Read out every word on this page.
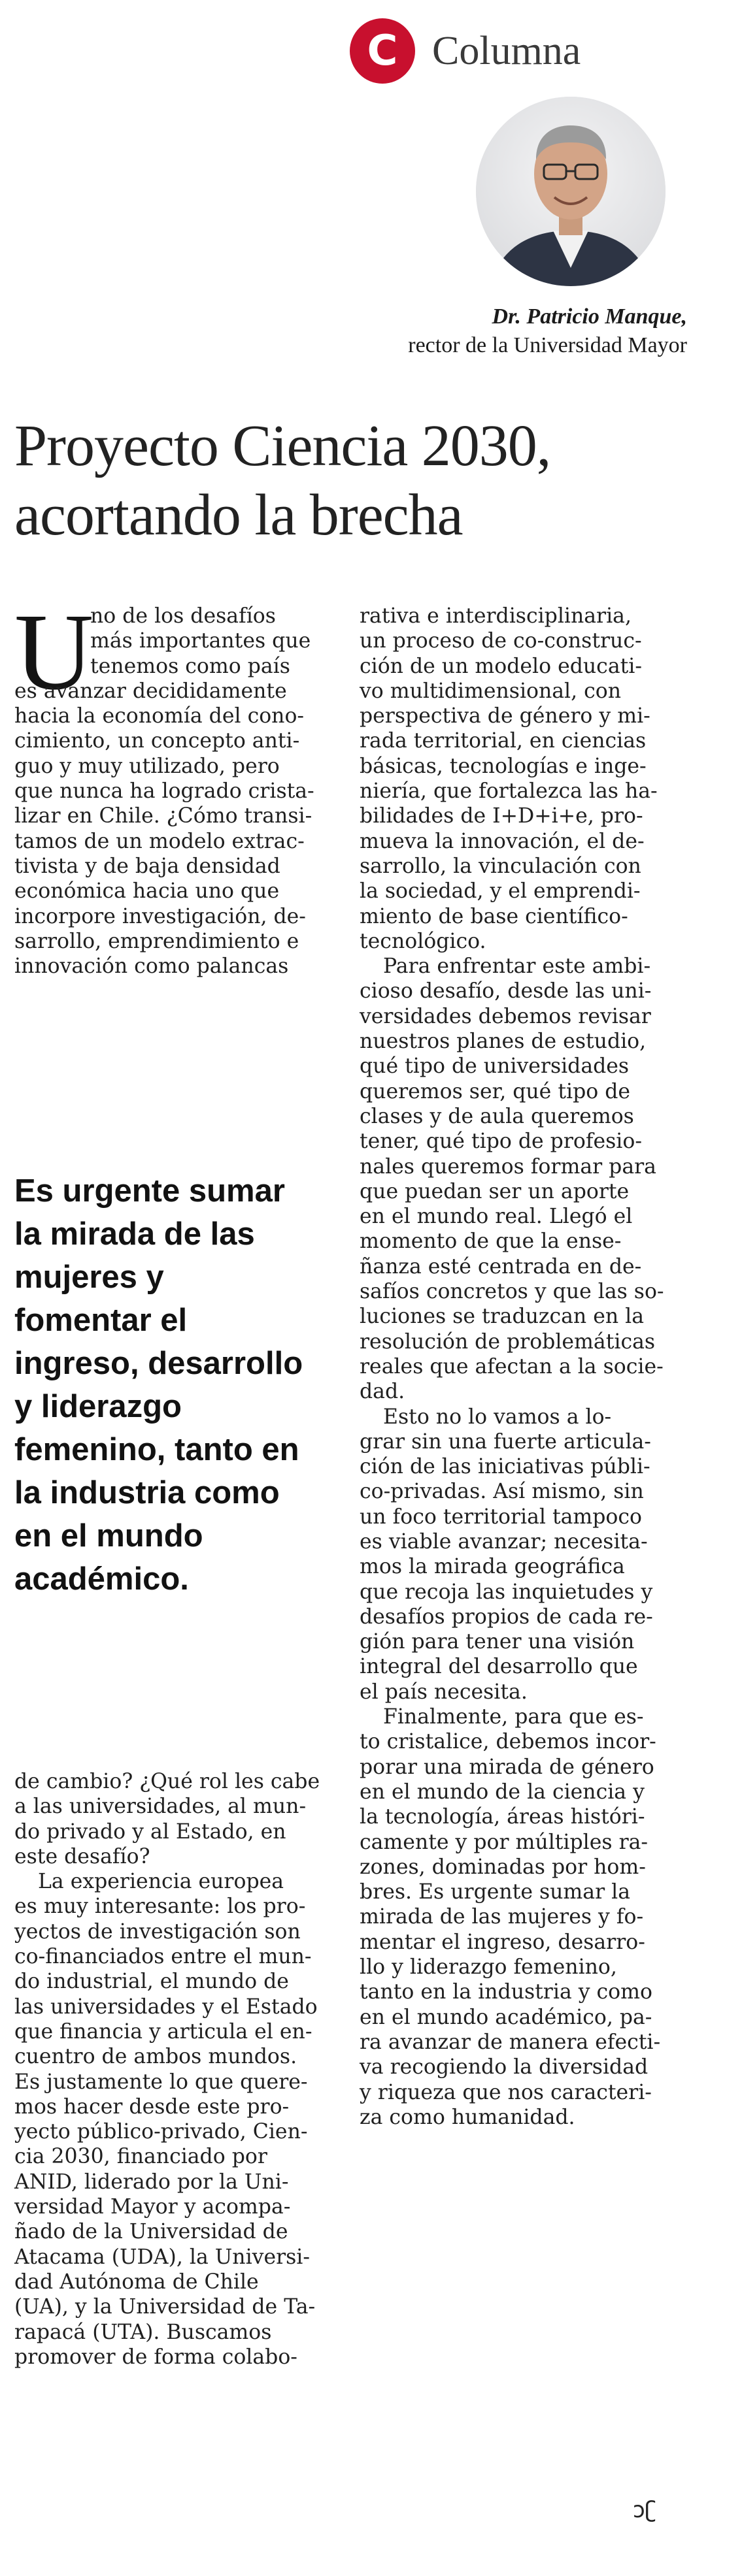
C Columna
Dr. Patricio Manque,
rector de la Universidad Mayor
Proyecto Ciencia 2030,
acortando la brecha
U
no de los desafíos
más importantes que
tenemos como país
es avanzar decididamente
hacia la economía del cono-
cimiento, un concepto anti-
guo y muy utilizado, pero
que nunca ha logrado crista-
lizar en Chile. ¿Cómo transi-
tamos de un modelo extrac-
tivista y de baja densidad
económica hacia uno que
incorpore investigación, de-
sarrollo, emprendimiento e
innovación como palancas
Es urgente sumar
la mirada de las
mujeres y
fomentar el
ingreso, desarrollo
y liderazgo
femenino, tanto en
la industria como
en el mundo
académico.
de cambio? ¿Qué rol les cabe
a las universidades, al mun-
do privado y al Estado, en
este desafío?
La experiencia europea
es muy interesante: los pro-
yectos de investigación son
co-financiados entre el mun-
do industrial, el mundo de
las universidades y el Estado
que financia y articula el en-
cuentro de ambos mundos.
Es justamente lo que quere-
mos hacer desde este pro-
yecto público-privado, Cien-
cia 2030, financiado por
ANID, liderado por la Uni-
versidad Mayor y acompa-
ñado de la Universidad de
Atacama (UDA), la Universi-
dad Autónoma de Chile
(UA), y la Universidad de Ta-
rapacá (UTA). Buscamos
promover de forma colabo-
rativa e interdisciplinaria,
un proceso de co-construc-
ción de un modelo educati-
vo multidimensional, con
perspectiva de género y mi-
rada territorial, en ciencias
básicas, tecnologías e inge-
niería, que fortalezca las ha-
bilidades de I+D+i+e, pro-
mueva la innovación, el de-
sarrollo, la vinculación con
la sociedad, y el emprendi-
miento de base científico-
tecnológico.
Para enfrentar este ambi-
cioso desafío, desde las uni-
versidades debemos revisar
nuestros planes de estudio,
qué tipo de universidades
queremos ser, qué tipo de
clases y de aula queremos
tener, qué tipo de profesio-
nales queremos formar para
que puedan ser un aporte
en el mundo real. Llegó el
momento de que la ense-
ñanza esté centrada en de-
safíos concretos y que las so-
luciones se traduzcan en la
resolución de problemáticas
reales que afectan a la socie-
dad.
Esto no lo vamos a lo-
grar sin una fuerte articula-
ción de las iniciativas públi-
co-privadas. Así mismo, sin
un foco territorial tampoco
es viable avanzar; necesita-
mos la mirada geográfica
que recoja las inquietudes y
desafíos propios de cada re-
gión para tener una visión
integral del desarrollo que
el país necesita.
Finalmente, para que es-
to cristalice, debemos incor-
porar una mirada de género
en el mundo de la ciencia y
la tecnología, áreas históri-
camente y por múltiples ra-
zones, dominadas por hom-
bres. Es urgente sumar la
mirada de las mujeres y fo-
mentar el ingreso, desarro-
llo y liderazgo femenino,
tanto en la industria y como
en el mundo académico, pa-
ra avanzar de manera efecti-
va recogiendo la diversidad
y riqueza que nos caracteri-
za como humanidad.
ɔʗ
